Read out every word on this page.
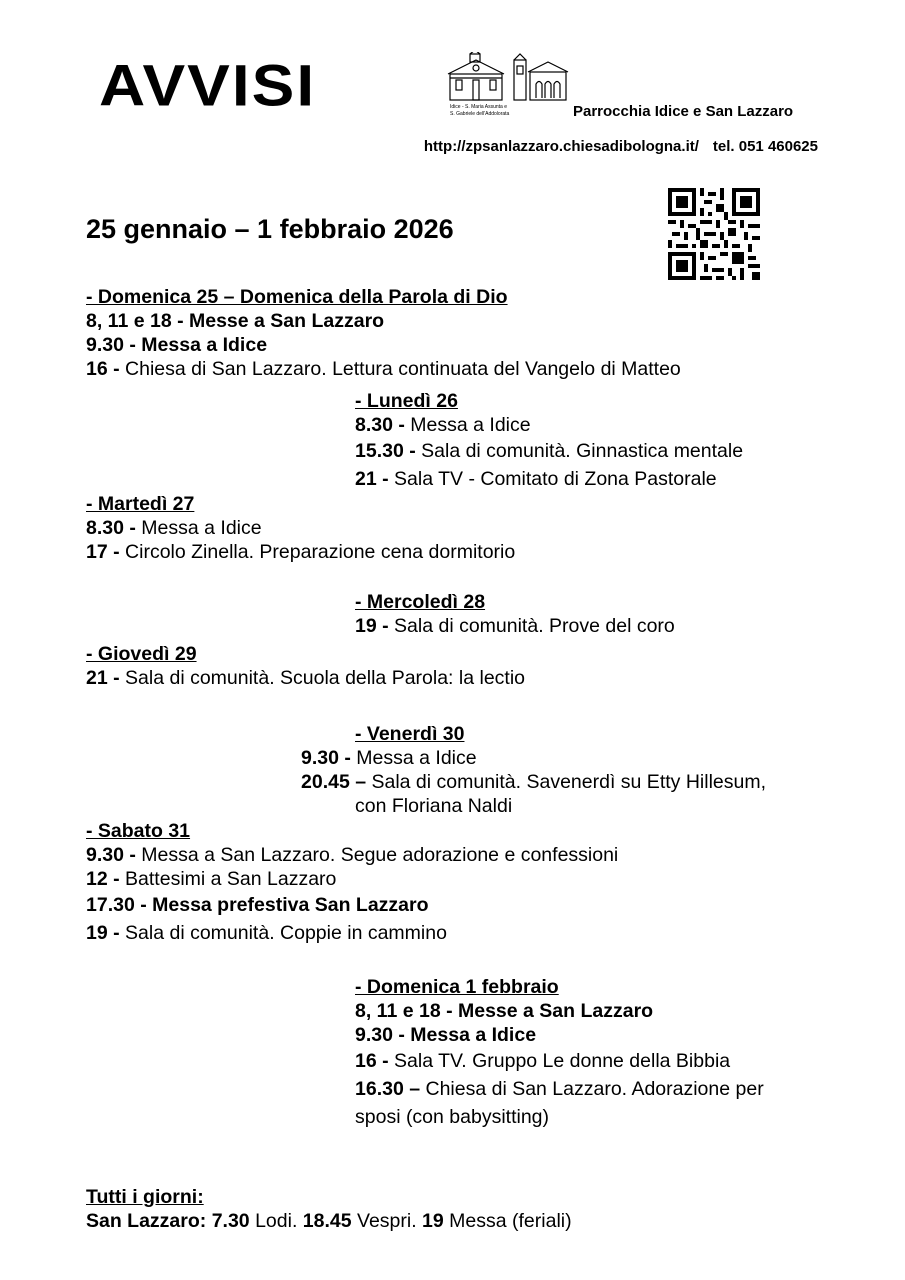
AVVISI	Idice - S. Maria Assunta e
S. Gabriele dell'Addolorata	Parrocchia Idice e San Lazzaro
http://zpsanlazzaro.chiesadibologna.it/ tel. 051 460625
25 gennaio – 1 febbraio 2026
- Domenica 25 – Domenica della Parola di Dio
8, 11 e 18 - Messe a San Lazzaro
9.30 - Messa a Idice
16 - Chiesa di San Lazzaro. Lettura continuata del Vangelo di Matteo
- Lunedì 26
8.30 - Messa a Idice
15.30 - Sala di comunità. Ginnastica mentale
21 - Sala TV - Comitato di Zona Pastorale
- Martedì 27
8.30 - Messa a Idice
17 - Circolo Zinella. Preparazione cena dormitorio
- Mercoledì 28
19 - Sala di comunità. Prove del coro
- Giovedì 29
21 - Sala di comunità. Scuola della Parola: la lectio
- Venerdì 30
9.30 - Messa a Idice
20.45 – Sala di comunità. Savenerdì su Etty Hillesum,
con Floriana Naldi
- Sabato 31
9.30 - Messa a San Lazzaro. Segue adorazione e confessioni
12 - Battesimi a San Lazzaro
17.30 - Messa prefestiva San Lazzaro
19 - Sala di comunità. Coppie in cammino
- Domenica 1 febbraio
8, 11 e 18 - Messe a San Lazzaro
9.30 - Messa a Idice
16 - Sala TV. Gruppo Le donne della Bibbia
16.30 – Chiesa di San Lazzaro. Adorazione per
sposi (con babysitting)
Tutti i giorni:
San Lazzaro: 7.30 Lodi. 18.45 Vespri. 19 Messa (feriali)
